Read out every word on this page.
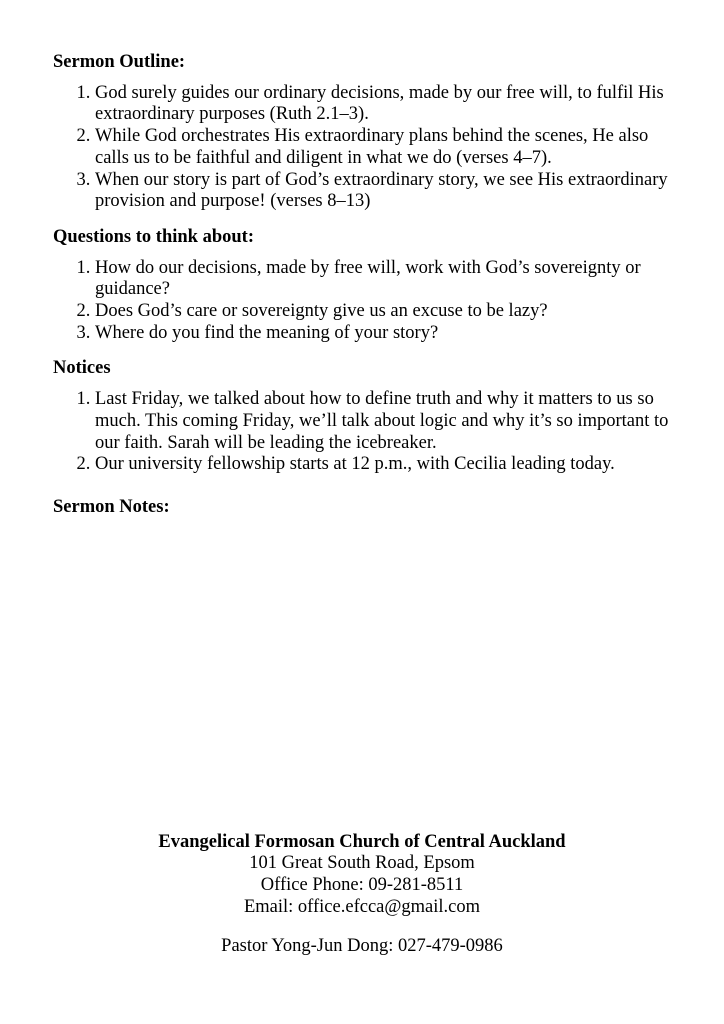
Sermon Outline:
1. God surely guides our ordinary decisions, made by our free will, to fulfil His extraordinary purposes (Ruth 2.1–3).
2. While God orchestrates His extraordinary plans behind the scenes, He also calls us to be faithful and diligent in what we do (verses 4–7).
3. When our story is part of God’s extraordinary story, we see His extraordinary provision and purpose! (verses 8–13)
Questions to think about:
1. How do our decisions, made by free will, work with God’s sovereignty or guidance?
2. Does God’s care or sovereignty give us an excuse to be lazy?
3. Where do you find the meaning of your story?
Notices
1. Last Friday, we talked about how to define truth and why it matters to us so much. This coming Friday, we’ll talk about logic and why it’s so important to our faith. Sarah will be leading the icebreaker.
2. Our university fellowship starts at 12 p.m., with Cecilia leading today.
Sermon Notes:
Evangelical Formosan Church of Central Auckland
101 Great South Road, Epsom
Office Phone: 09-281-8511
Email: office.efcca@gmail.com
Pastor Yong-Jun Dong: 027-479-0986
